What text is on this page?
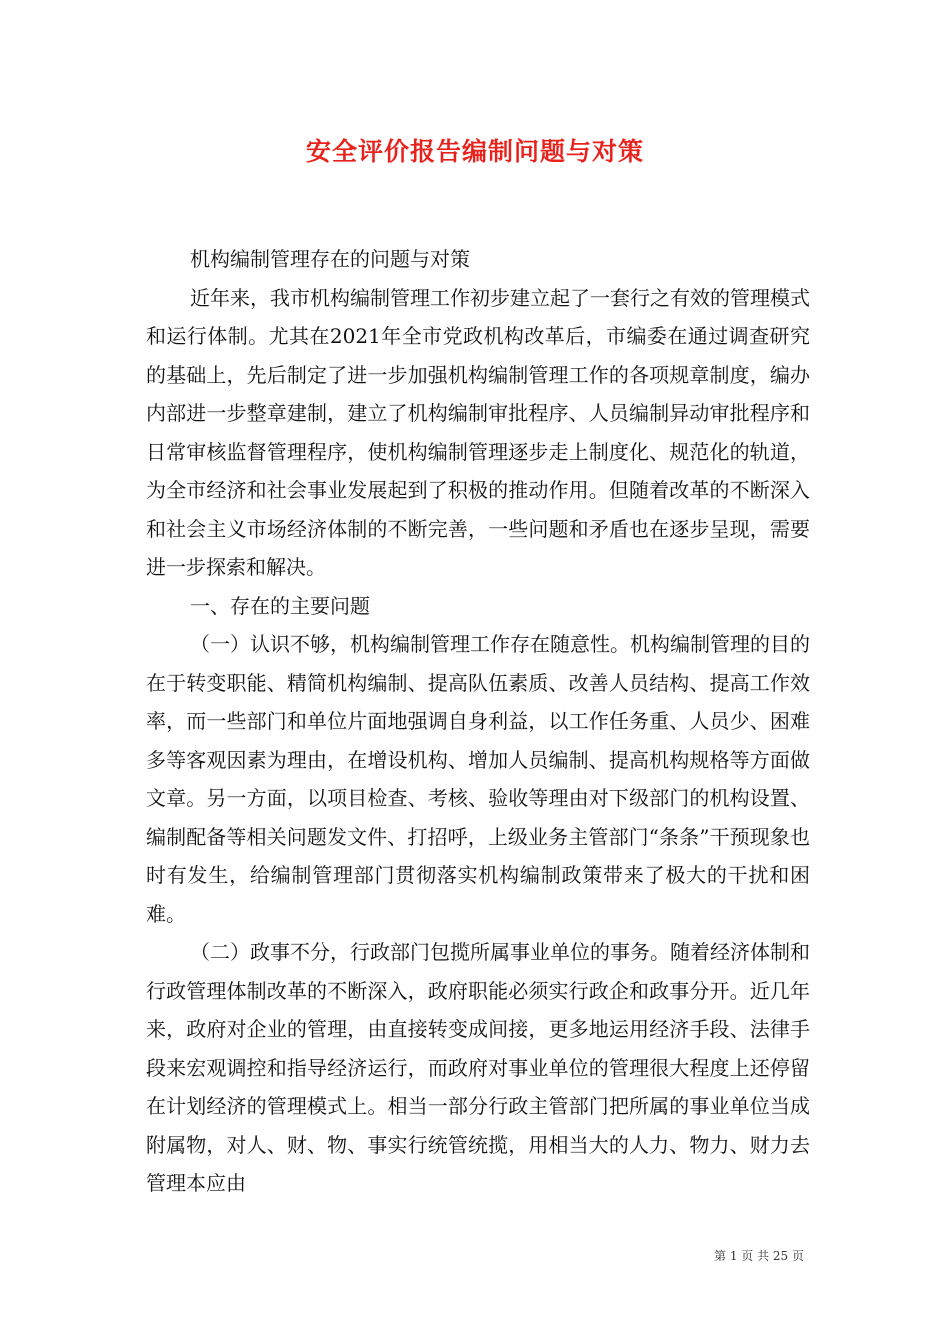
安全评价报告编制问题与对策

机构编制管理存在的问题与对策

近年来，我市机构编制管理工作初步建立起了一套行之有效的管理模式和运行体制。尤其在2021年全市党政机构改革后，市编委在通过调查研究的基础上，先后制定了进一步加强机构编制管理工作的各项规章制度，编办内部进一步整章建制，建立了机构编制审批程序、人员编制异动审批程序和日常审核监督管理程序，使机构编制管理逐步走上制度化、规范化的轨道，为全市经济和社会事业发展起到了积极的推动作用。但随着改革的不断深入和社会主义市场经济体制的不断完善，一些问题和矛盾也在逐步呈现，需要进一步探索和解决。

一、存在的主要问题

（一）认识不够，机构编制管理工作存在随意性。机构编制管理的目的在于转变职能、精简机构编制、提高队伍素质、改善人员结构、提高工作效率，而一些部门和单位片面地强调自身利益，以工作任务重、人员少、困难多等客观因素为理由，在增设机构、增加人员编制、提高机构规格等方面做文章。另一方面，以项目检查、考核、验收等理由对下级部门的机构设置、编制配备等相关问题发文件、打招呼，上级业务主管部门“条条”干预现象也时有发生，给编制管理部门贯彻落实机构编制政策带来了极大的干扰和困难。

（二）政事不分，行政部门包揽所属事业单位的事务。随着经济体制和行政管理体制改革的不断深入，政府职能必须实行政企和政事分开。近几年来，政府对企业的管理，由直接转变成间接，更多地运用经济手段、法律手段来宏观调控和指导经济运行，而政府对事业单位的管理很大程度上还停留在计划经济的管理模式上。相当一部分行政主管部门把所属的事业单位当成附属物，对人、财、物、事实行统管统揽，用相当大的人力、物力、财力去管理本应由

第 1 页 共 25 页
